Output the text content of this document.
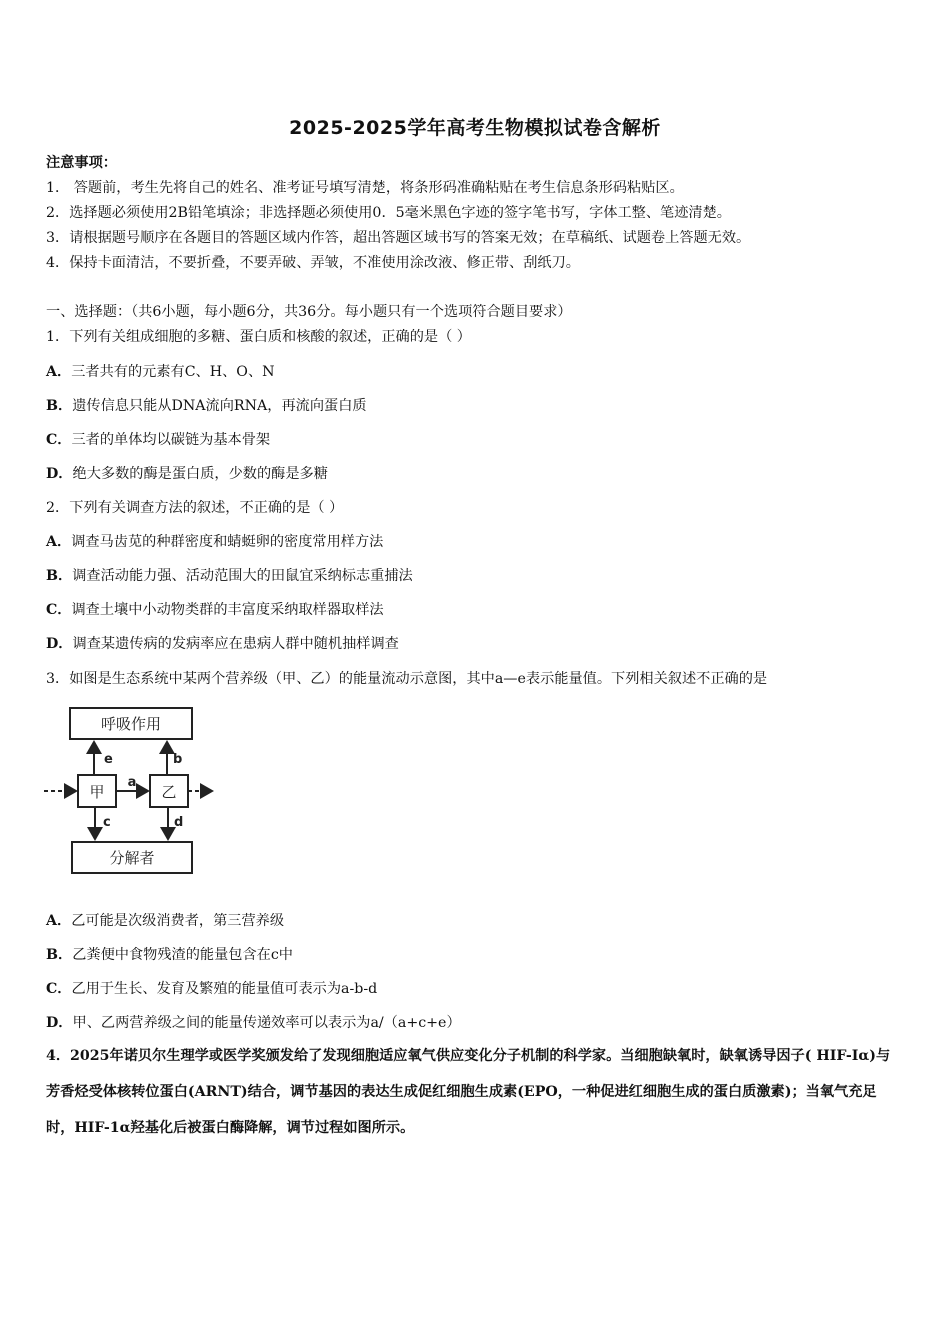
2025-2025学年高考生物模拟试卷含解析
注意事项：
1． 答题前，考生先将自己的姓名、准考证号填写清楚，将条形码准确粘贴在考生信息条形码粘贴区。
2．选择题必须使用2B铅笔填涂；非选择题必须使用0．5毫米黑色字迹的签字笔书写，字体工整、笔迹清楚。
3．请根据题号顺序在各题目的答题区域内作答，超出答题区域书写的答案无效；在草稿纸、试题卷上答题无效。
4．保持卡面清洁，不要折叠，不要弄破、弄皱，不准使用涂改液、修正带、刮纸刀。
一、选择题：（共6小题，每小题6分，共36分。每小题只有一个选项符合题目要求）
1．下列有关组成细胞的多糖、蛋白质和核酸的叙述，正确的是（ ）
A．三者共有的元素有C、H、O、N
B．遗传信息只能从DNA流向RNA，再流向蛋白质
C．三者的单体均以碳链为基本骨架
D．绝大多数的酶是蛋白质，少数的酶是多糖
2．下列有关调查方法的叙述，不正确的是（ ）
A．调查马齿苋的种群密度和蜻蜓卵的密度常用样方法
B．调查活动能力强、活动范围大的田鼠宜采纳标志重捕法
C．调查土壤中小动物类群的丰富度采纳取样器取样法
D．调查某遗传病的发病率应在患病人群中随机抽样调查
3．如图是生态系统中某两个营养级（甲、乙）的能量流动示意图，其中a—e表示能量值。下列相关叙述不正确的是
呼吸作用
分解者
甲	乙
a
e	b
c	d
A．乙可能是次级消费者，第三营养级
B．乙粪便中食物残渣的能量包含在c中
C．乙用于生长、发育及繁殖的能量值可表示为a-b-d
D．甲、乙两营养级之间的能量传递效率可以表示为a/（a+c+e）
4．2025年诺贝尔生理学或医学奖颁发给了发现细胞适应氧气供应变化分子机制的科学家。当细胞缺氧时，缺氧诱导因子( HIF-Iα)与芳香烃受体核转位蛋白(ARNT)结合，调节基因的表达生成促红细胞生成素(EPO，一种促进红细胞生成的蛋白质激素)；当氧气充足时，HIF-1α羟基化后被蛋白酶降解，调节过程如图所示。
